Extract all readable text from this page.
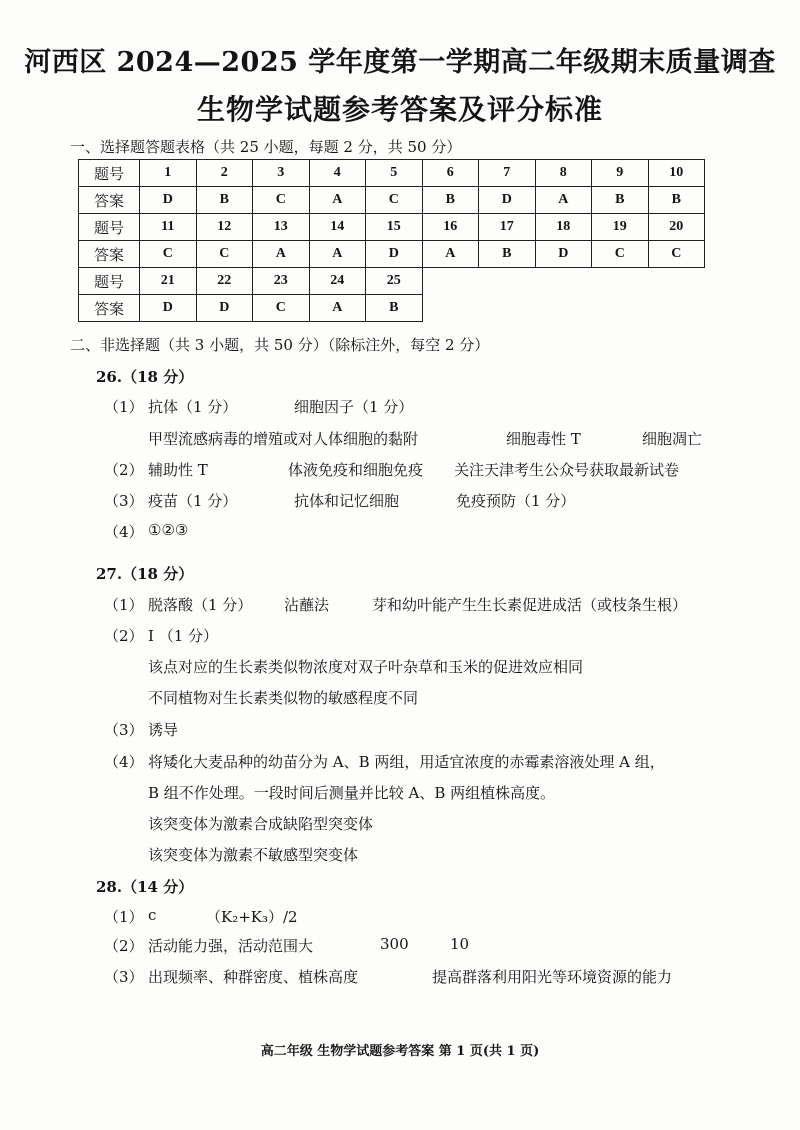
河西区 2024—2025 学年度第一学期高二年级期末质量调查
生物学试题参考答案及评分标准
一、选择题答题表格（共 25 小题，每题 2 分，共 50 分）
题号	1	2	3	4	5	6	7	8	9	10
答案	D	B	C	A	C	B	D	A	B	B
题号	11	12	13	14	15	16	17	18	19	20
答案	C	C	A	A	D	A	B	D	C	C
题号	21	22	23	24	25					
答案	D	D	C	A	B					
二、非选择题（共 3 小题，共 50 分）（除标注外，每空 2 分）
26.（18 分）
（1） 抗体（1 分）	细胞因子（1 分）
甲型流感病毒的增殖或对人体细胞的黏附	细胞毒性 T	细胞凋亡
（2） 辅助性 T	体液免疫和细胞免疫 关注天津考生公众号获取最新试卷
（3） 疫苗（1 分）	抗体和记忆细胞	免疫预防（1 分）
（4） ①②③
27.（18 分）
（1） 脱落酸（1 分） 沾蘸法	芽和幼叶能产生生长素促进成活（或枝条生根）
（2） I （1 分）
该点对应的生长素类似物浓度对双子叶杂草和玉米的促进效应相同
不同植物对生长素类似物的敏感程度不同
（3） 诱导
（4） 将矮化大麦品种的幼苗分为 A、B 两组，用适宜浓度的赤霉素溶液处理 A 组，
B 组不作处理。一段时间后测量并比较 A、B 两组植株高度。
该突变体为激素合成缺陷型突变体
该突变体为激素不敏感型突变体
28.（14 分）
（1） c	（K₂+K₃）/2
（2） 活动能力强，活动范围大	300	10
（3） 出现频率、种群密度、植株高度	提高群落利用阳光等环境资源的能力
高二年级 生物学试题参考答案 第 1 页(共 1 页)
